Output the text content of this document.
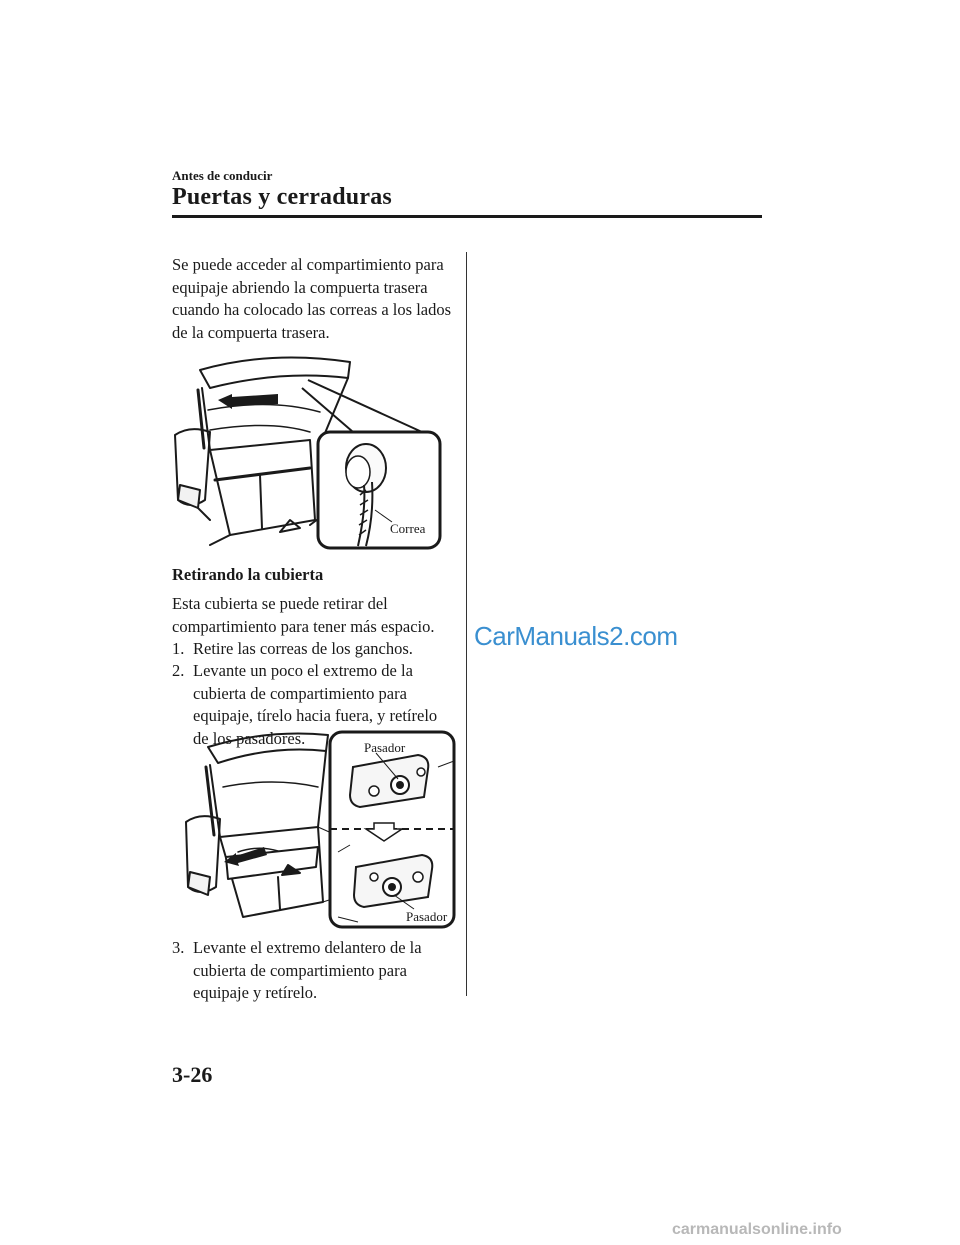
Antes de conducir
Puertas y cerraduras
Se puede acceder al compartimiento para
equipaje abriendo la compuerta trasera
cuando ha colocado las correas a los lados
de la compuerta trasera.
Correa
Retirando la cubierta
Esta cubierta se puede retirar del
compartimiento para tener más espacio.
1. Retire las correas de los ganchos.
2. Levante un poco el extremo de la
cubierta de compartimiento para
equipaje, tírelo hacia fuera, y retírelo
de los pasadores.	Pasador
Pasador
3. Levante el extremo delantero de la
cubierta de compartimiento para
equipaje y retírelo.
CarManuals2.com
3-26
carmanualsonline.info
